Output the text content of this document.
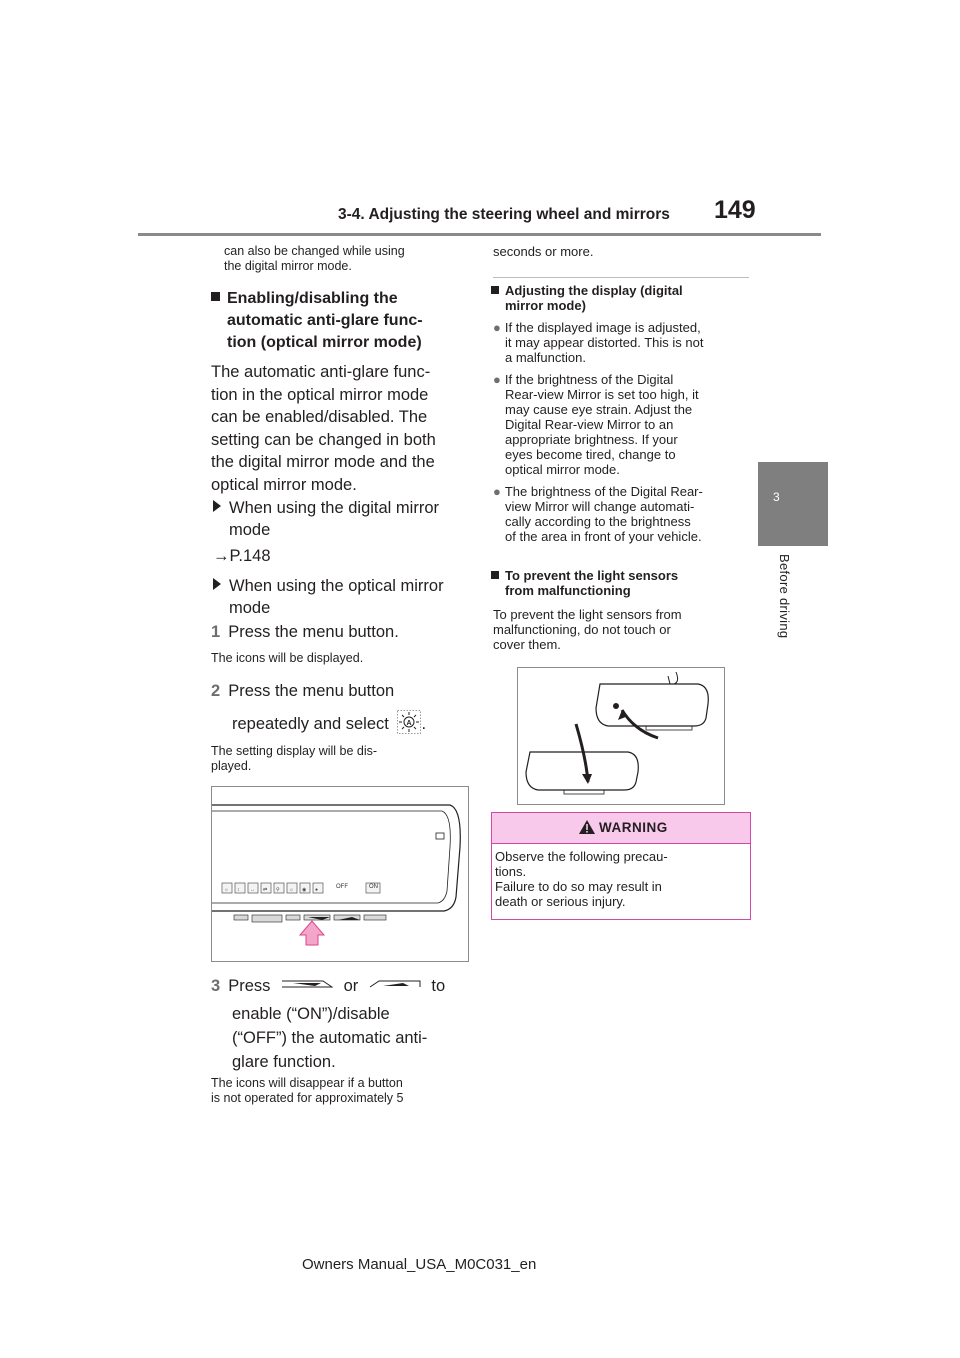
3-4. Adjusting the steering wheel and mirrors 149
3
Before driving
can also be changed while using
the digital mirror mode.
Enabling/disabling the
automatic anti-glare func-
tion (optical mirror mode)
The automatic anti-glare func-
tion in the optical mirror mode
can be enabled/disabled. The
setting can be changed in both
the digital mirror mode and the
optical mirror mode.
When using the digital mirror
mode
→P.148
When using the optical mirror
mode
1 Press the menu button.
The icons will be displayed.
2 Press the menu button
repeatedly and select	A .
The setting display will be dis-
played.
☼ ↕ ↔ ⇄ ⚲ ☼ ◉ ●	OFF	ON
3 Press	or	to
enable (“ON”)/disable
(“OFF”) the automatic anti-
glare function.
The icons will disappear if a button
is not operated for approximately 5
seconds or more.
Adjusting the display (digital
mirror mode)
● If the displayed image is adjusted,
it may appear distorted. This is not
a malfunction.
● If the brightness of the Digital
Rear-view Mirror is set too high, it
may cause eye strain. Adjust the
Digital Rear-view Mirror to an
appropriate brightness. If your
eyes become tired, change to
optical mirror mode.
● The brightness of the Digital Rear-
view Mirror will change automati-
cally according to the brightness
of the area in front of your vehicle.
To prevent the light sensors
from malfunctioning
To prevent the light sensors from
malfunctioning, do not touch or
cover them.
WARNING
Observe the following precau-
tions.
Failure to do so may result in
death or serious injury.
Owners Manual_USA_M0C031_en
